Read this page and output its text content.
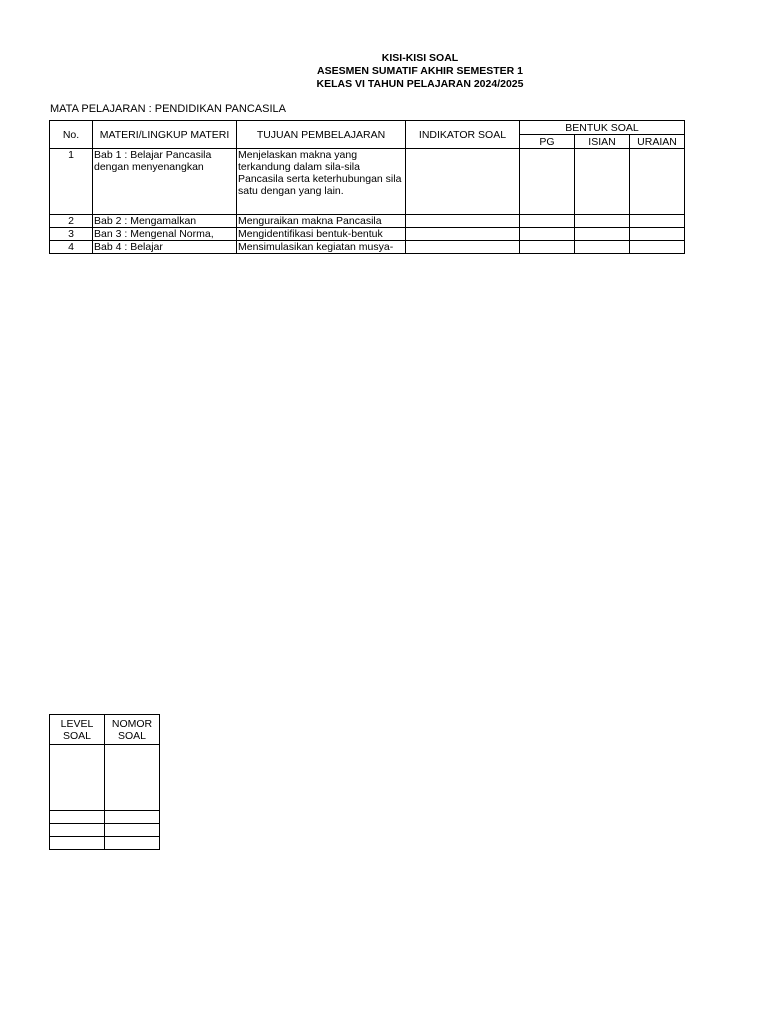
KISI-KISI SOAL
ASESMEN SUMATIF AKHIR SEMESTER 1
KELAS VI TAHUN PELAJARAN 2024/2025
MATA PELAJARAN : PENDIDIKAN PANCASILA
No.	MATERI/LINGKUP MATERI	TUJUAN PEMBELAJARAN	INDIKATOR SOAL	BENTUK SOAL		
				PG	ISIAN	URAIAN
1	Bab 1 : Belajar Pancasila dengan menyenangkan	Menjelaskan makna yang terkandung dalam sila-sila Pancasila serta keterhubungan sila satu dengan yang lain.				
2	Bab 2 : Mengamalkan	Menguraikan makna Pancasila				
3	Ban 3 : Mengenal Norma,	Mengidentifikasi bentuk-bentuk				
4	Bab 4 : Belajar	Mensimulasikan kegiatan musya-				
LEVEL SOAL	NOMOR SOAL
